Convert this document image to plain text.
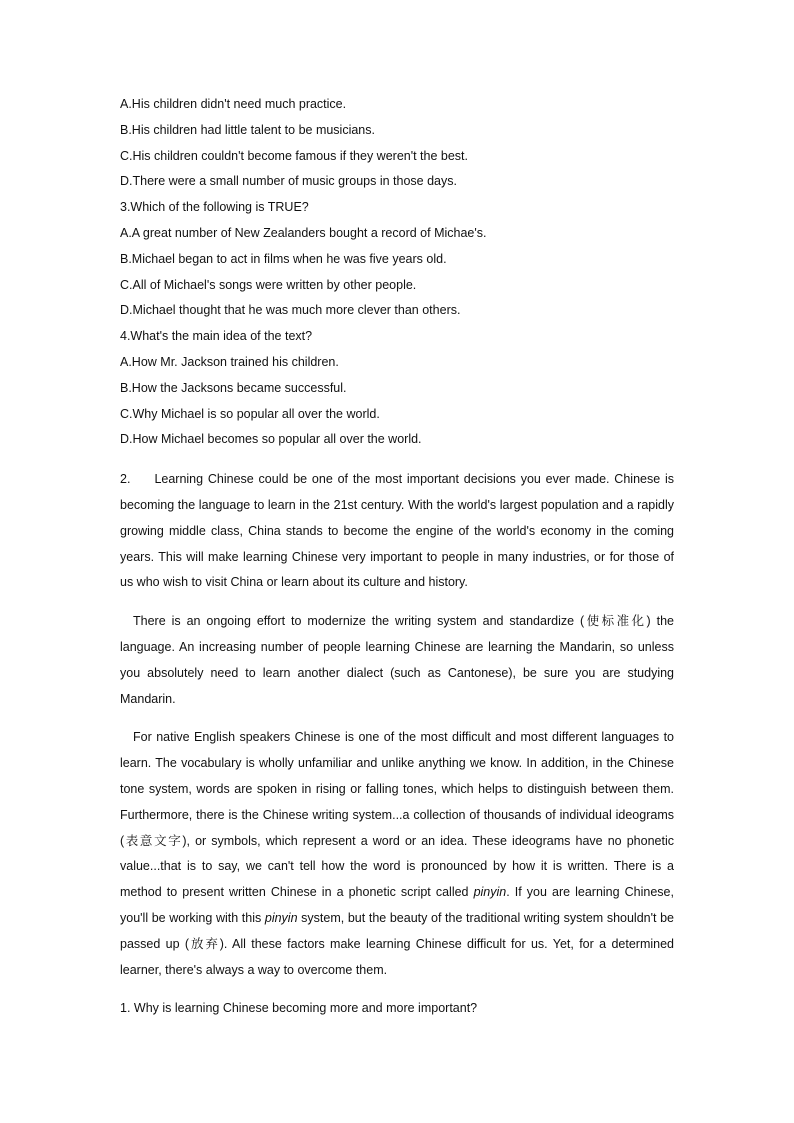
A.His children didn't need much practice.

B.His children had little talent to be musicians.

C.His children couldn't become famous if they weren't the best.

D.There were a small number of music groups in those days.

3.Which of the following is TRUE?

A.A great number of New Zealanders bought a record of Michae's.

B.Michael began to act in films when he was five years old.

C.All of Michael's songs were written by other people.

D.Michael thought that he was much more clever than others.

4.What's the main idea of the text?

A.How Mr. Jackson trained his children.

B.How the Jacksons became successful.

C.Why Michael is so popular all over the world.

D.How Michael becomes so popular all over the world.

2. Learning Chinese could be one of the most important decisions you ever made. Chinese is becoming the language to learn in the 21st century. With the world's largest population and a rapidly growing middle class, China stands to become the engine of the world's economy in the coming years. This will make learning Chinese very important to people in many industries, or for those of us who wish to visit China or learn about its culture and history.

There is an ongoing effort to modernize the writing system and standardize (使标准化) the language. An increasing number of people learning Chinese are learning the Mandarin, so unless you absolutely need to learn another dialect (such as Cantonese), be sure you are studying Mandarin.

For native English speakers Chinese is one of the most difficult and most different languages to learn. The vocabulary is wholly unfamiliar and unlike anything we know. In addition, in the Chinese tone system, words are spoken in rising or falling tones, which helps to distinguish between them. Furthermore, there is the Chinese writing system...a collection of thousands of individual ideograms (表意文字), or symbols, which represent a word or an idea. These ideograms have no phonetic value...that is to say, we can't tell how the word is pronounced by how it is written. There is a method to present written Chinese in a phonetic script called pinyin. If you are learning Chinese, you'll be working with this pinyin system, but the beauty of the traditional writing system shouldn't be passed up (放弃). All these factors make learning Chinese difficult for us. Yet, for a determined learner, there's always a way to overcome them.

1. Why is learning Chinese becoming more and more important?
